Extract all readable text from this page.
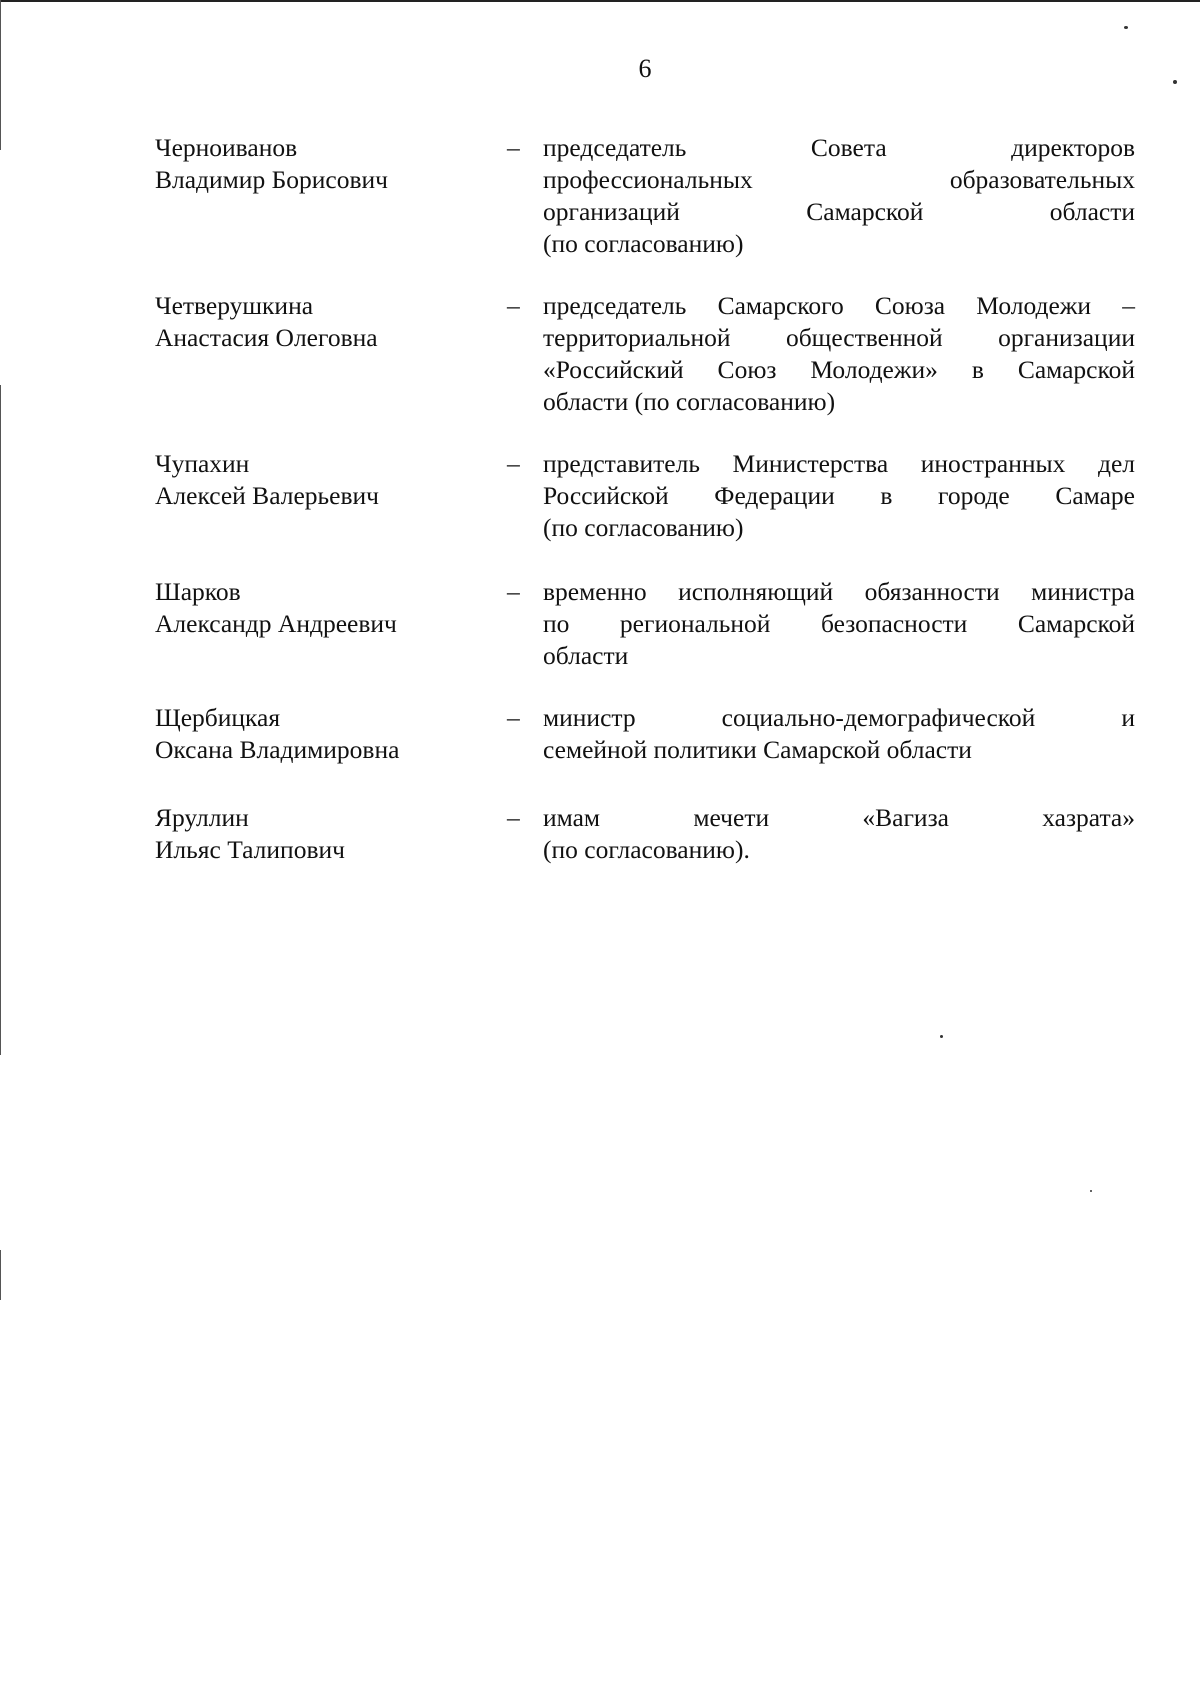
6
Черноиванов
Владимир Борисович
– председатель Совета директоров
профессиональных образовательных
организаций Самарской области
(по согласованию)
Четверушкина
Анастасия Олеговна
– председатель Самарского Союза Молодежи –
территориальной общественной организации
«Российский Союз Молодежи» в Самарской
области (по согласованию)
Чупахин
Алексей Валерьевич
– представитель Министерства иностранных дел
Российской Федерации в городе Самаре
(по согласованию)
Шарков
Александр Андреевич
– временно исполняющий обязанности министра
по региональной безопасности Самарской
области
Щербицкая
Оксана Владимировна
– министр социально-демографической и
семейной политики Самарской области
Яруллин
Ильяс Талипович
– имам мечети «Вагиза хазрата»
(по согласованию).
